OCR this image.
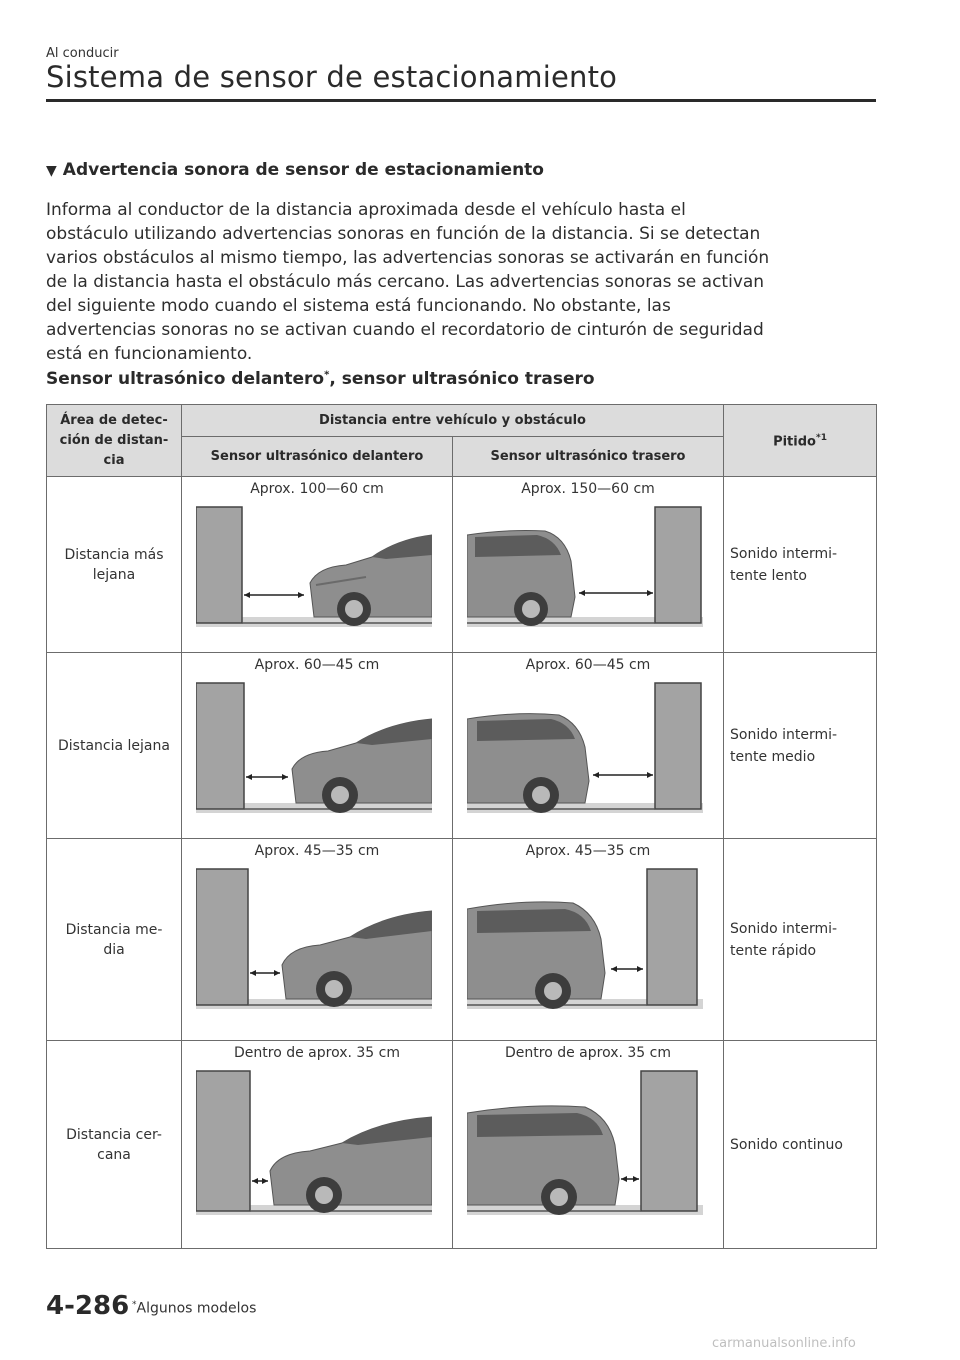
Al conducir
Sistema de sensor de estacionamiento
▼ Advertencia sonora de sensor de estacionamiento

Informa al conductor de la distancia aproximada desde el vehículo hasta el

obstáculo utilizando advertencias sonoras en función de la distancia. Si se detectan

varios obstáculos al mismo tiempo, las advertencias sonoras se activarán en función

de la distancia hasta el obstáculo más cercano. Las advertencias sonoras se activan

del siguiente modo cuando el sistema está funcionando. No obstante, las

advertencias sonoras no se activan cuando el recordatorio de cinturón de seguridad

está en funcionamiento.

Sensor ultrasónico delantero*, sensor ultrasónico trasero
Área de detec-
ción de distan-
cia	Distancia entre vehículo y obstáculo		Pitido$^{*1}$
	Sensor ultrasónico delantero	Sensor ultrasónico trasero	
Distancia más
lejana	Aprox. 100—60 cm	Aprox. 150—60 cm	Sonido intermi-
tente lento
Distancia lejana	Aprox. 60—45 cm	Aprox. 60—45 cm	Sonido intermi-
tente medio
Distancia me-
dia	Aprox. 45—35 cm	Aprox. 45—35 cm	Sonido intermi-
tente rápido
Distancia cer-
cana	Dentro de aprox. 35 cm	Dentro de aprox. 35 cm	Sonido continuo
4-286 *Algunos modelos
carmanualsonline.info
